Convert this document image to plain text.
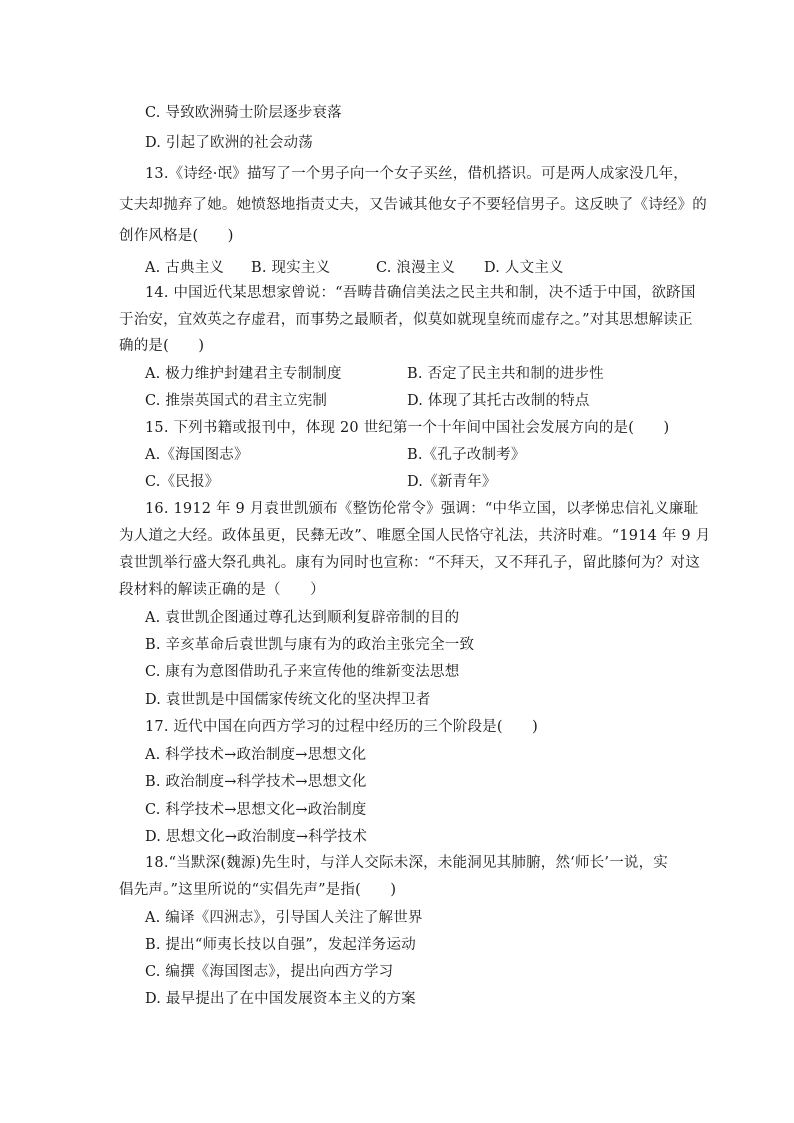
C. 导致欧洲骑士阶层逐步衰落
D. 引起了欧洲的社会动荡
13.《诗经·氓》描写了一个男子向一个女子买丝，借机搭识。可是两人成家没几年，
丈夫却抛弃了她。她愤怒地指责丈夫，又告诫其他女子不要轻信男子。这反映了《诗经》的
创作风格是(　　)
A. 古典主义 B. 现实主义	C. 浪漫主义 D. 人文主义
14. 中国近代某思想家曾说：“吾畴昔确信美法之民主共和制，决不适于中国，欲跻国
于治安，宜效英之存虚君，而事势之最顺者，似莫如就现皇统而虚存之。”对其思想解读正
确的是(　　)
A. 极力维护封建君主专制制度	B. 否定了民主共和制的进步性
C. 推崇英国式的君主立宪制	D. 体现了其托古改制的特点
15. 下列书籍或报刊中，体现 20 世纪第一个十年间中国社会发展方向的是(　　)
A.《海国图志》	B.《孔子改制考》
C.《民报》	D.《新青年》
16. 1912 年 9 月袁世凯颁布《整饬伦常令》强调：“中华立国，以孝悌忠信礼义廉耻
为人道之大经。政体虽更，民彝无改”、唯愿全国人民恪守礼法，共济时难。“1914 年 9 月
袁世凯举行盛大祭孔典礼。康有为同时也宣称：“不拜天，又不拜孔子，留此膝何为？对这
段材料的解读正确的是（　　）
A. 袁世凯企图通过尊孔达到顺利复辟帝制的目的
B. 辛亥革命后袁世凯与康有为的政治主张完全一致
C. 康有为意图借助孔子来宣传他的维新变法思想
D. 袁世凯是中国儒家传统文化的坚决捍卫者
17. 近代中国在向西方学习的过程中经历的三个阶段是(　　)
A. 科学技术→政治制度→思想文化
B. 政治制度→科学技术→思想文化
C. 科学技术→思想文化→政治制度
D. 思想文化→政治制度→科学技术
18.“当默深(魏源)先生时，与洋人交际未深，未能洞见其肺腑，然‘师长’一说，实
倡先声。”这里所说的“实倡先声”是指(　　)
A. 编译《四洲志》，引导国人关注了解世界
B. 提出“师夷长技以自强”，发起洋务运动
C. 编撰《海国图志》，提出向西方学习
D. 最早提出了在中国发展资本主义的方案
